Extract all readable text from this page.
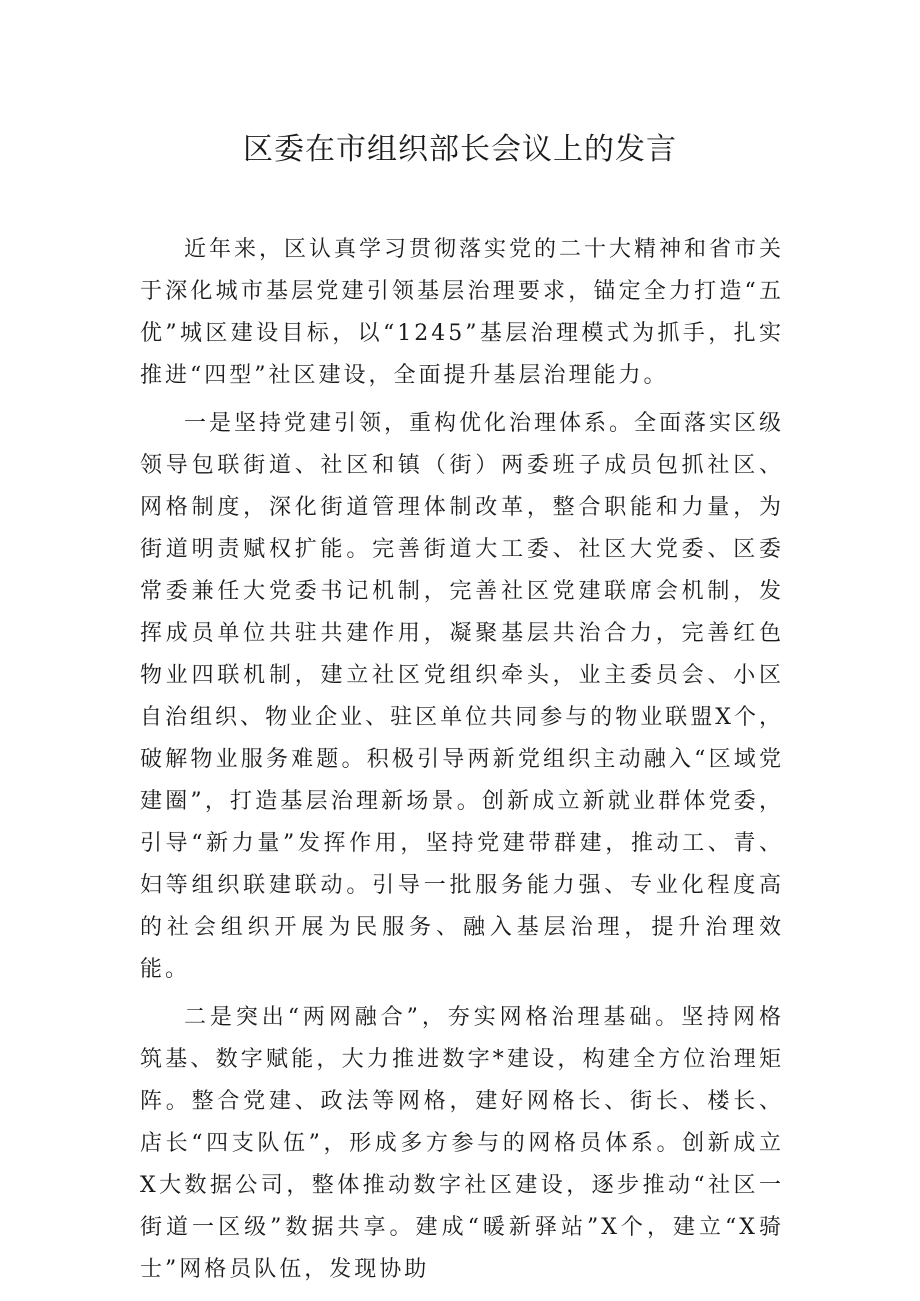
区委在市组织部长会议上的发言

近年来，区认真学习贯彻落实党的二十大精神和省市关于深化城市基层党建引领基层治理要求，锚定全力打造“五优”城区建设目标，以“1245”基层治理模式为抓手，扎实推进“四型”社区建设，全面提升基层治理能力。

一是坚持党建引领，重构优化治理体系。全面落实区级领导包联街道、社区和镇（街）两委班子成员包抓社区、网格制度，深化街道管理体制改革，整合职能和力量，为街道明责赋权扩能。完善街道大工委、社区大党委、区委常委兼任大党委书记机制，完善社区党建联席会机制，发挥成员单位共驻共建作用，凝聚基层共治合力，完善红色物业四联机制，建立社区党组织牵头，业主委员会、小区自治组织、物业企业、驻区单位共同参与的物业联盟X个，破解物业服务难题。积极引导两新党组织主动融入“区域党建圈”，打造基层治理新场景。创新成立新就业群体党委，引导“新力量”发挥作用，坚持党建带群建，推动工、青、妇等组织联建联动。引导一批服务能力强、专业化程度高的社会组织开展为民服务、融入基层治理，提升治理效能。

二是突出“两网融合”，夯实网格治理基础。坚持网格筑基、数字赋能，大力推进数字*建设，构建全方位治理矩阵。整合党建、政法等网格，建好网格长、街长、楼长、店长“四支队伍”，形成多方参与的网格员体系。创新成立X大数据公司，整体推动数字社区建设，逐步推动“社区一街道一区级”数据共享。建成“暖新驿站”X个，建立“X骑士”网格员队伍，发现协助
